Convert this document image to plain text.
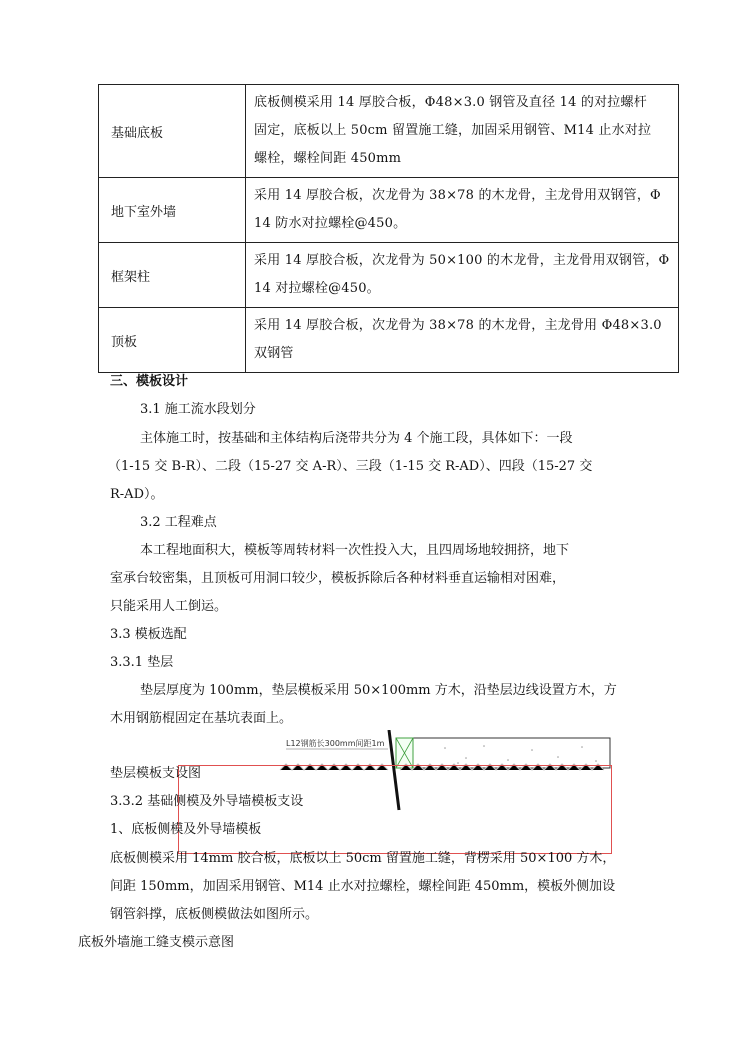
基础底板	底板侧模采用 14 厚胶合板，Φ48×3.0 钢管及直径 14 的对拉螺杆
固定，底板以上 50cm 留置施工缝，加固采用钢管、M14 止水对拉
螺栓，螺栓间距 450mm

地下室外墙	采用 14 厚胶合板，次龙骨为 38×78 的木龙骨，主龙骨用双钢管，Φ
14 防水对拉螺栓@450。

框架柱	采用 14 厚胶合板，次龙骨为 50×100 的木龙骨，主龙骨用双钢管，Φ
14 对拉螺栓@450。

顶板	采用 14 厚胶合板，次龙骨为 38×78 的木龙骨，主龙骨用 Φ48×3.0
双钢管
三、模板设计
3.1 施工流水段划分
主体施工时，按基础和主体结构后浇带共分为 4 个施工段，具体如下：一段
（1-15 交 B-R）、二段（15-27 交 A-R）、三段（1-15 交 R-AD）、四段（15-27 交
R-AD）。
3.2 工程难点
本工程地面积大，模板等周转材料一次性投入大，且四周场地较拥挤，地下
室承台较密集，且顶板可用洞口较少，模板拆除后各种材料垂直运输相对困难，
只能采用人工倒运。
3.3 模板选配
3.3.1 垫层
垫层厚度为 100mm，垫层模板采用 50×100mm 方木，沿垫层边线设置方木，方
木用钢筋棍固定在基坑表面上。
L12钢筋长300mm间距1m
垫层模板支设图
3.3.2 基础侧模及外导墙模板支设
1、底板侧模及外导墙模板
底板侧模采用 14mm 胶合板，底板以上 50cm 留置施工缝，背楞采用 50×100 方木，
间距 150mm，加固采用钢管、M14 止水对拉螺栓，螺栓间距 450mm，模板外侧加设
钢管斜撑，底板侧模做法如图所示。
底板外墙施工缝支模示意图
